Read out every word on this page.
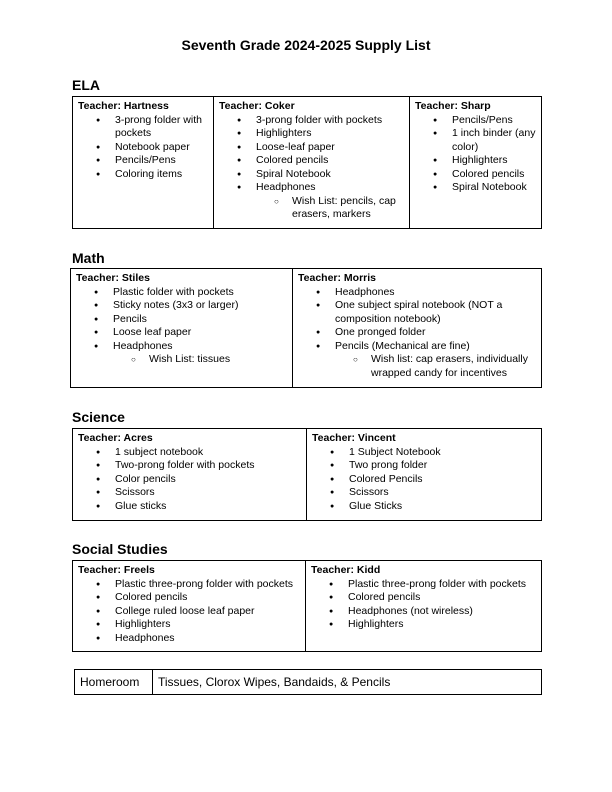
Seventh Grade 2024-2025 Supply List
ELA
Teacher: Hartness
● 3-prong folder with pockets
● Notebook paper
● Pencils/Pens
● Coloring items

Teacher: Coker
● 3-prong folder with pockets
● Highlighters
● Loose-leaf paper
● Colored pencils
● Spiral Notebook
● Headphones
○ Wish List: pencils, cap erasers, markers

Teacher: Sharp
● Pencils/Pens
● 1 inch binder (any color)
● Highlighters
● Colored pencils
● Spiral Notebook
Math
Teacher: Stiles
● Plastic folder with pockets
● Sticky notes (3x3 or larger)
● Pencils
● Loose leaf paper
● Headphones
○ Wish List: tissues

Teacher: Morris
● Headphones
● One subject spiral notebook (NOT a composition notebook)
● One pronged folder
● Pencils (Mechanical are fine)
○ Wish list: cap erasers, individually wrapped candy for incentives
Science
Teacher: Acres
● 1 subject notebook
● Two-prong folder with pockets
● Color pencils
● Scissors
● Glue sticks

Teacher: Vincent
● 1 Subject Notebook
● Two prong folder
● Colored Pencils
● Scissors
● Glue Sticks
Social Studies
Teacher: Freels
● Plastic three-prong folder with pockets
● Colored pencils
● College ruled loose leaf paper
● Highlighters
● Headphones

Teacher: Kidd
● Plastic three-prong folder with pockets
● Colored pencils
● Headphones (not wireless)
● Highlighters
Homeroom	Tissues, Clorox Wipes, Bandaids, & Pencils
